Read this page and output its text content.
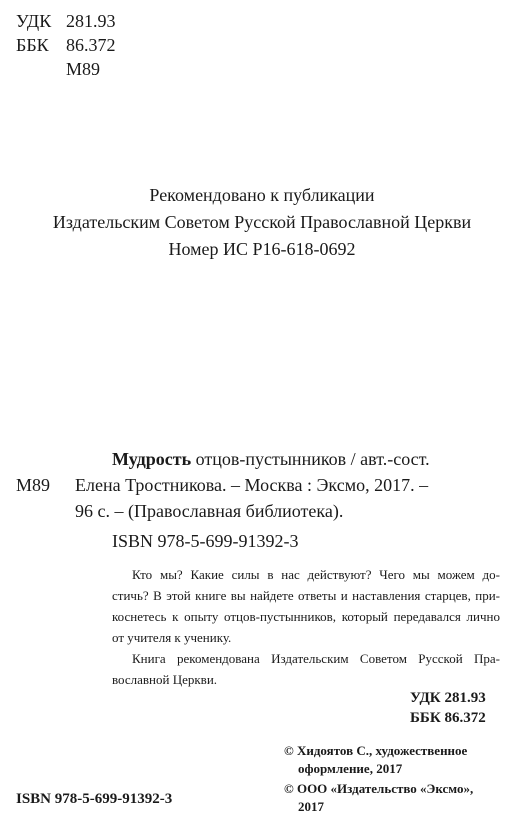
УДК 281.93
ББК 86.372
М89
Рекомендовано к публикации
Издательским Советом Русской Православной Церкви
Номер ИС Р16-618-0692
Мудрость отцов-пустынников / авт.-сост.
М89 Елена Тростникова. – Москва : Эксмо, 2017. –
96 с. – (Православная библиотека).
ISBN 978-5-699-91392-3

Кто мы? Какие силы в нас действуют? Чего мы можем до-

стичь? В этой книге вы найдете ответы и наставления старцев, при-

коснетесь к опыту отцов-пустынников, который передавался лично

от учителя к ученику.

Книга рекомендована Издательским Советом Русской Пра-

вославной Церкви.

УДК 281.93
ББК 86.372
© Хидоятов С., художественное
оформление, 2017
© ООО «Издательство «Эксмо»,
2017
ISBN 978-5-699-91392-3
